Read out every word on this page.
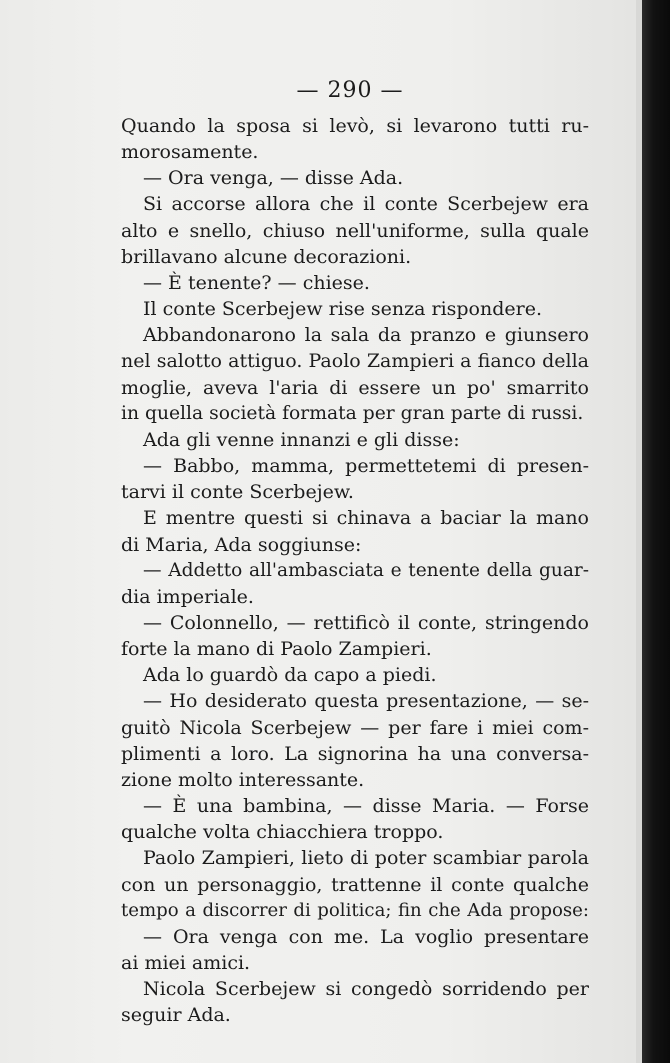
— 290 —
Quando la sposa si levò, si levarono tutti ru-
morosamente.
— Ora venga, — disse Ada.
Si accorse allora che il conte Scerbejew era
alto e snello, chiuso nell'uniforme, sulla quale
brillavano alcune decorazioni.
— È tenente? — chiese.
Il conte Scerbejew rise senza rispondere.
Abbandonarono la sala da pranzo e giunsero
nel salotto attiguo. Paolo Zampieri a fianco della
moglie, aveva l'aria di essere un po' smarrito
in quella società formata per gran parte di russi.
Ada gli venne innanzi e gli disse:
— Babbo, mamma, permettetemi di presen-
tarvi il conte Scerbejew.
E mentre questi si chinava a baciar la mano
di Maria, Ada soggiunse:
— Addetto all'ambasciata e tenente della guar-
dia imperiale.
— Colonnello, — rettificò il conte, stringendo
forte la mano di Paolo Zampieri.
Ada lo guardò da capo a piedi.
— Ho desiderato questa presentazione, — se-
guitò Nicola Scerbejew — per fare i miei com-
plimenti a loro. La signorina ha una conversa-
zione molto interessante.
— È una bambina, — disse Maria. — Forse
qualche volta chiacchiera troppo.
Paolo Zampieri, lieto di poter scambiar parola
con un personaggio, trattenne il conte qualche
tempo a discorrer di politica; fin che Ada propose:
— Ora venga con me. La voglio presentare
ai miei amici.
Nicola Scerbejew si congedò sorridendo per
seguir Ada.
